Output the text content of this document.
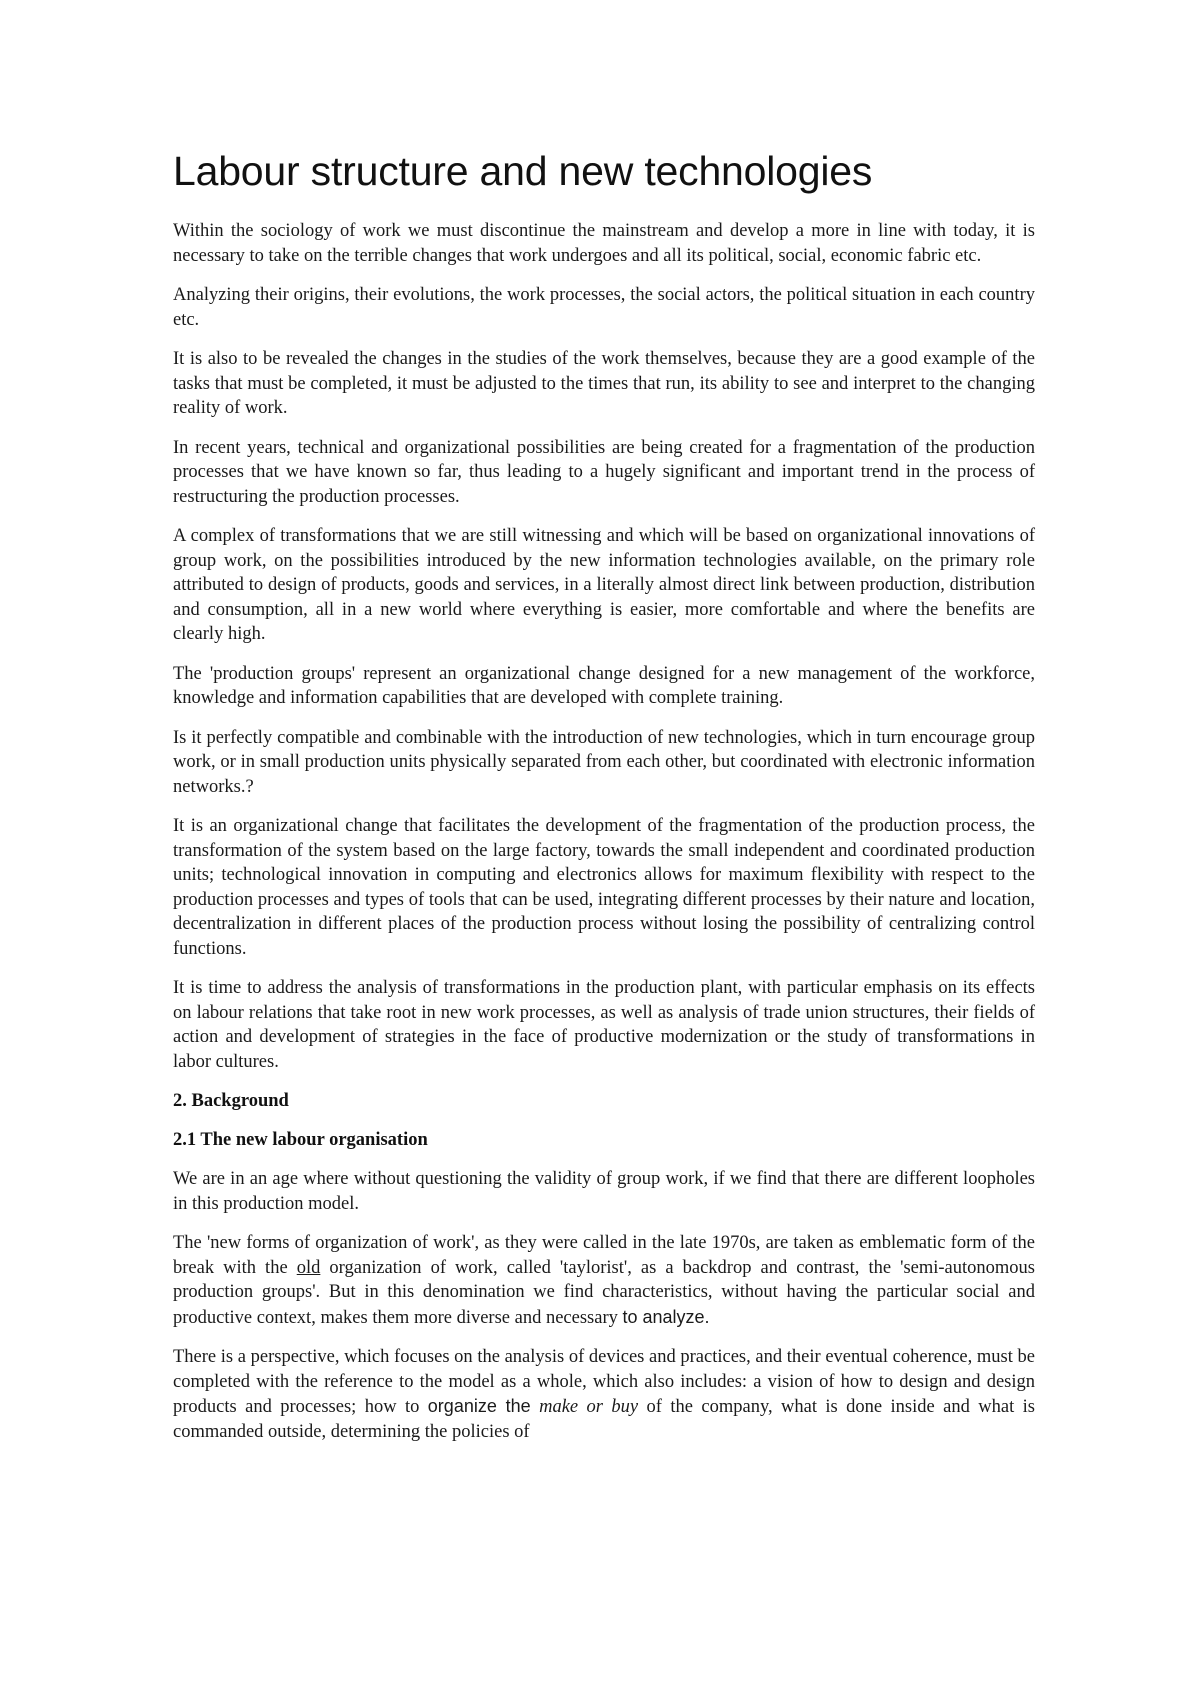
Labour structure and new technologies

Within the sociology of work we must discontinue the mainstream and develop a more in line with today, it is necessary to take on the terrible changes that work undergoes and all its political, social, economic fabric etc.

Analyzing their origins, their evolutions, the work processes, the social actors, the political situation in each country etc.

It is also to be revealed the changes in the studies of the work themselves, because they are a good example of the tasks that must be completed, it must be adjusted to the times that run, its ability to see and interpret to the changing reality of work.

In recent years, technical and organizational possibilities are being created for a fragmentation of the production processes that we have known so far, thus leading to a hugely significant and important trend in the process of restructuring the production processes.

A complex of transformations that we are still witnessing and which will be based on organizational innovations of group work, on the possibilities introduced by the new information technologies available, on the primary role attributed to design of products, goods and services, in a literally almost direct link between production, distribution and consumption, all in a new world where everything is easier, more comfortable and where the benefits are clearly high.

The 'production groups' represent an organizational change designed for a new management of the workforce, knowledge and information capabilities that are developed with complete training.

Is it perfectly compatible and combinable with the introduction of new technologies, which in turn encourage group work, or in small production units physically separated from each other, but coordinated with electronic information networks.?

It is an organizational change that facilitates the development of the fragmentation of the production process, the transformation of the system based on the large factory, towards the small independent and coordinated production units; technological innovation in computing and electronics allows for maximum flexibility with respect to the production processes and types of tools that can be used, integrating different processes by their nature and location, decentralization in different places of the production process without losing the possibility of centralizing control functions.

It is time to address the analysis of transformations in the production plant, with particular emphasis on its effects on labour relations that take root in new work processes, as well as analysis of trade union structures, their fields of action and development of strategies in the face of productive modernization or the study of transformations in labor cultures.

2. Background
2.1 The new labour organisation

We are in an age where without questioning the validity of group work, if we find that there are different loopholes in this production model.

The 'new forms of organization of work', as they were called in the late 1970s, are taken as emblematic form of the break with the old organization of work, called 'taylorist', as a backdrop and contrast, the 'semi-autonomous production groups'. But in this denomination we find characteristics, without having the particular social and productive context, makes them more diverse and necessary to analyze.

There is a perspective, which focuses on the analysis of devices and practices, and their eventual coherence, must be completed with the reference to the model as a whole, which also includes: a vision of how to design and design products and processes; how to organize the make or buy of the company, what is done inside and what is commanded outside, determining the policies of
